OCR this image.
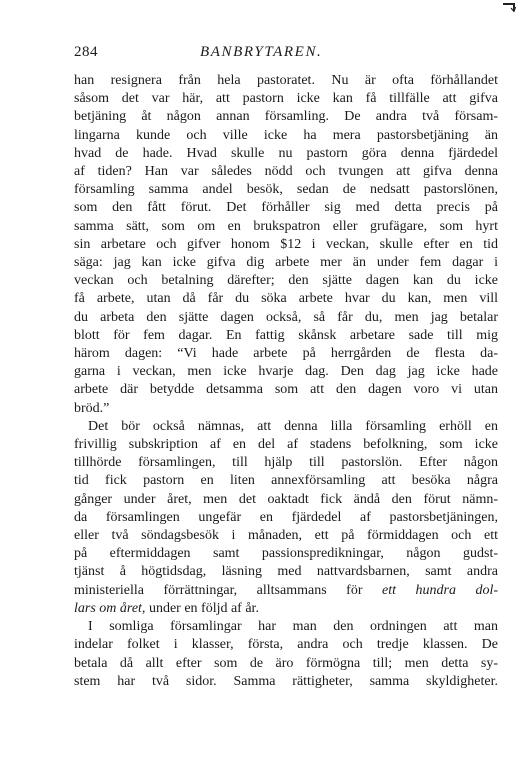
284	BANBRYTAREN.
han resignera från hela pastoratet. Nu är ofta förhållandet
såsom det var här, att pastorn icke kan få tillfälle att gifva
betjäning åt någon annan församling. De andra två försam-
lingarna kunde och ville icke ha mera pastorsbetjäning än
hvad de hade. Hvad skulle nu pastorn göra denna fjärdedel
af tiden? Han var således nödd och tvungen att gifva denna
församling samma andel besök, sedan de nedsatt pastorslönen,
som den fått förut. Det förhåller sig med detta precis på
samma sätt, som om en brukspatron eller grufägare, som hyrt
sin arbetare och gifver honom $12 i veckan, skulle efter en tid
säga: jag kan icke gifva dig arbete mer än under fem dagar i
veckan och betalning därefter; den sjätte dagen kan du icke
få arbete, utan då får du söka arbete hvar du kan, men vill
du arbeta den sjätte dagen också, så får du, men jag betalar
blott för fem dagar. En fattig skånsk arbetare sade till mig
härom dagen: “Vi hade arbete på herrgården de flesta da-
garna i veckan, men icke hvarje dag. Den dag jag icke hade
arbete där betydde detsamma som att den dagen voro vi utan
bröd.”
Det bör också nämnas, att denna lilla församling erhöll en
frivillig subskription af en del af stadens befolkning, som icke
tillhörde församlingen, till hjälp till pastorslön. Efter någon
tid fick pastorn en liten annexförsamling att besöka några
gånger under året, men det oaktadt fick ändå den förut nämn-
da församlingen ungefär en fjärdedel af pastorsbetjäningen,
eller två söndagsbesök i månaden, ett på förmiddagen och ett
på eftermiddagen samt passionspredikningar, någon gudst-
tjänst å högtidsdag, läsning med nattvardsbarnen, samt andra
ministeriella förrättningar, alltsammans för ett hundra dol-
lars om året, under en följd af år.
I somliga församlingar har man den ordningen att man
indelar folket i klasser, första, andra och tredje klassen. De
betala då allt efter som de äro förmögna till; men detta sy-
stem har två sidor. Samma rättigheter, samma skyldigheter.
